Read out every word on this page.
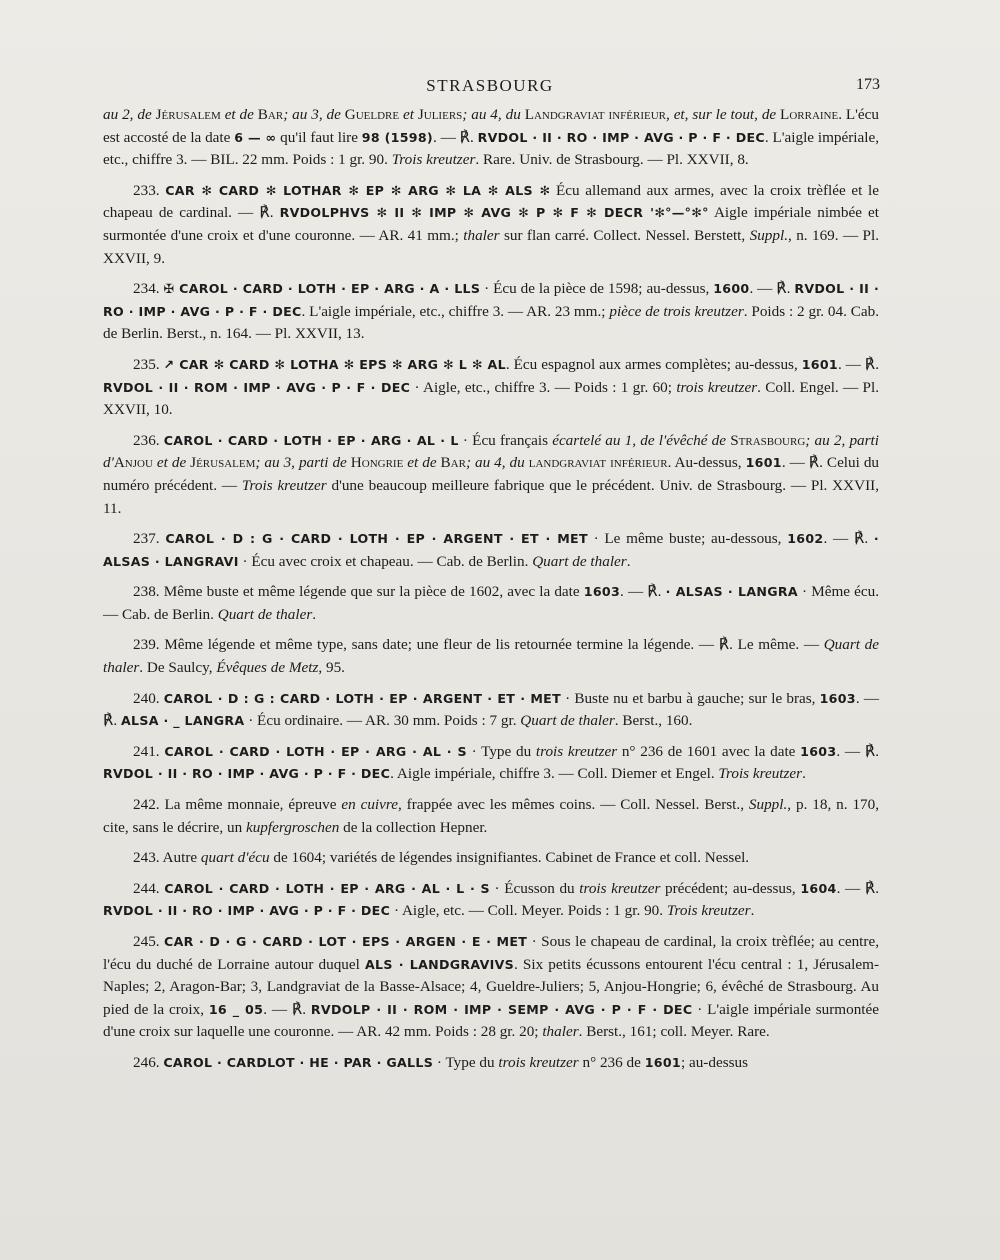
STRASBOURG	173

au 2, de Jérusalem et de Bar; au 3, de Gueldre et Juliers; au 4, du Landgraviat inférieur, et, sur le tout, de Lorraine. L'écu est accosté de la date 6 — ∞ qu'il faut lire 98 (1598). — ℟. RVDOL · II · RO · IMP · AVG · P · F · DEC. L'aigle impériale, etc., chiffre 3. — BIL. 22 mm. Poids : 1 gr. 90. Trois kreutzer. Rare. Univ. de Strasbourg. — Pl. XXVII, 8.

233. CAR ✻ CARD ✻ LOTHAR ✻ EP ✻ ARG ✻ LA ✻ ALS ✻ Écu allemand aux armes, avec la croix trèflée et le chapeau de cardinal. — ℟. RVDOLPHVS ✻ II ✻ IMP ✻ AVG ✻ P ✻ F ✻ DECR '✻°—°✻° Aigle impériale nimbée et surmontée d'une croix et d'une couronne. — AR. 41 mm.; thaler sur flan carré. Collect. Nessel. Berstett, Suppl., n. 169. — Pl. XXVII, 9.

234. ✠ CAROL · CARD · LOTH · EP · ARG · A · LLS · Écu de la pièce de 1598; au-dessus, 1600. — ℟. RVDOL · II · RO · IMP · AVG · P · F · DEC. L'aigle impériale, etc., chiffre 3. — AR. 23 mm.; pièce de trois kreutzer. Poids : 2 gr. 04. Cab. de Berlin. Berst., n. 164. — Pl. XXVII, 13.

235. ↗ CAR ✻ CARD ✻ LOTHA ✻ EPS ✻ ARG ✻ L ✻ AL. Écu espagnol aux armes complètes; au-dessus, 1601. — ℟. RVDOL · II · ROM · IMP · AVG · P · F · DEC · Aigle, etc., chiffre 3. — Poids : 1 gr. 60; trois kreutzer. Coll. Engel. — Pl. XXVII, 10.

236. CAROL · CARD · LOTH · EP · ARG · AL · L · Écu français écartelé au 1, de l'évêché de Strasbourg; au 2, parti d'Anjou et de Jérusalem; au 3, parti de Hongrie et de Bar; au 4, du landgraviat inférieur. Au-dessus, 1601. — ℟. Celui du numéro précédent. — Trois kreutzer d'une beaucoup meilleure fabrique que le précédent. Univ. de Strasbourg. — Pl. XXVII, 11.

237. CAROL · D : G · CARD · LOTH · EP · ARGENT · ET · MET · Le même buste; au-dessous, 1602. — ℟. · ALSAS · LANGRAVI · Écu avec croix et chapeau. — Cab. de Berlin. Quart de thaler.

238. Même buste et même légende que sur la pièce de 1602, avec la date 1603. — ℟. · ALSAS · LANGRA · Même écu. — Cab. de Berlin. Quart de thaler.

239. Même légende et même type, sans date; une fleur de lis retournée termine la légende. — ℟. Le même. — Quart de thaler. De Saulcy, Évêques de Metz, 95.

240. CAROL · D : G : CARD · LOTH · EP · ARGENT · ET · MET · Buste nu et barbu à gauche; sur le bras, 1603. — ℟. ALSA · _ LANGRA · Écu ordinaire. — AR. 30 mm. Poids : 7 gr. Quart de thaler. Berst., 160.

241. CAROL · CARD · LOTH · EP · ARG · AL · S · Type du trois kreutzer n° 236 de 1601 avec la date 1603. — ℟. RVDOL · II · RO · IMP · AVG · P · F · DEC. Aigle impériale, chiffre 3. — Coll. Diemer et Engel. Trois kreutzer.

242. La même monnaie, épreuve en cuivre, frappée avec les mêmes coins. — Coll. Nessel. Berst., Suppl., p. 18, n. 170, cite, sans le décrire, un kupfergroschen de la collection Hepner.

243. Autre quart d'écu de 1604; variétés de légendes insignifiantes. Cabinet de France et coll. Nessel.

244. CAROL · CARD · LOTH · EP · ARG · AL · L · S · Écusson du trois kreutzer précédent; au-dessus, 1604. — ℟. RVDOL · II · RO · IMP · AVG · P · F · DEC · Aigle, etc. — Coll. Meyer. Poids : 1 gr. 90. Trois kreutzer.

245. CAR · D · G · CARD · LOT · EPS · ARGEN · E · MET · Sous le chapeau de cardinal, la croix trèflée; au centre, l'écu du duché de Lorraine autour duquel ALS · LANDGRAVIVS. Six petits écussons entourent l'écu central : 1, Jérusalem-Naples; 2, Aragon-Bar; 3, Landgraviat de la Basse-Alsace; 4, Gueldre-Juliers; 5, Anjou-Hongrie; 6, évêché de Strasbourg. Au pied de la croix, 16 _ 05. — ℟. RVDOLP · II · ROM · IMP · SEMP · AVG · P · F · DEC · L'aigle impériale surmontée d'une croix sur laquelle une couronne. — AR. 42 mm. Poids : 28 gr. 20; thaler. Berst., 161; coll. Meyer. Rare.

246. CAROL · CARDLOT · HE · PAR · GALLS · Type du trois kreutzer n° 236 de 1601; au-dessus
